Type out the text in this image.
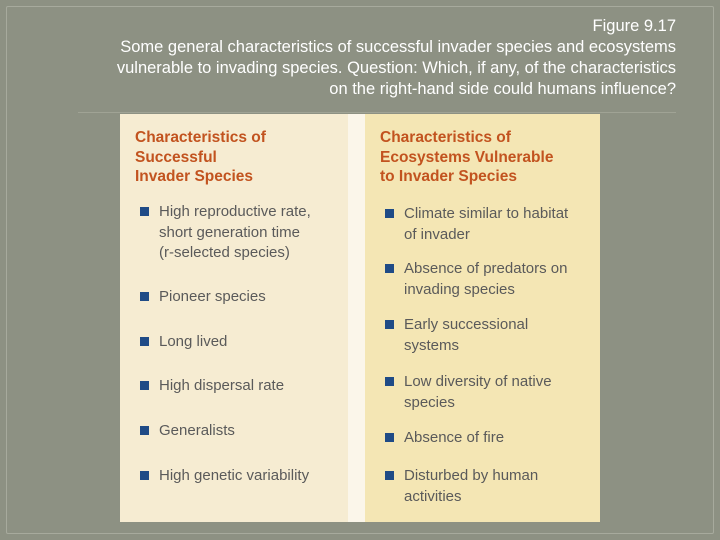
Figure 9.17
Some general characteristics of successful invader species and ecosystems
vulnerable to invading species. Question: Which, if any, of the characteristics
on the right-hand side could humans influence?
Characteristics of
Successful
Invader Species
High reproductive rate,
short generation time
(r-selected species)
Pioneer species
Long lived
High dispersal rate
Generalists
High genetic variability
Characteristics of
Ecosystems Vulnerable
to Invader Species
Climate similar to habitat
of invader
Absence of predators on
invading species
Early successional
systems
Low diversity of native
species
Absence of fire
Disturbed by human
activities
